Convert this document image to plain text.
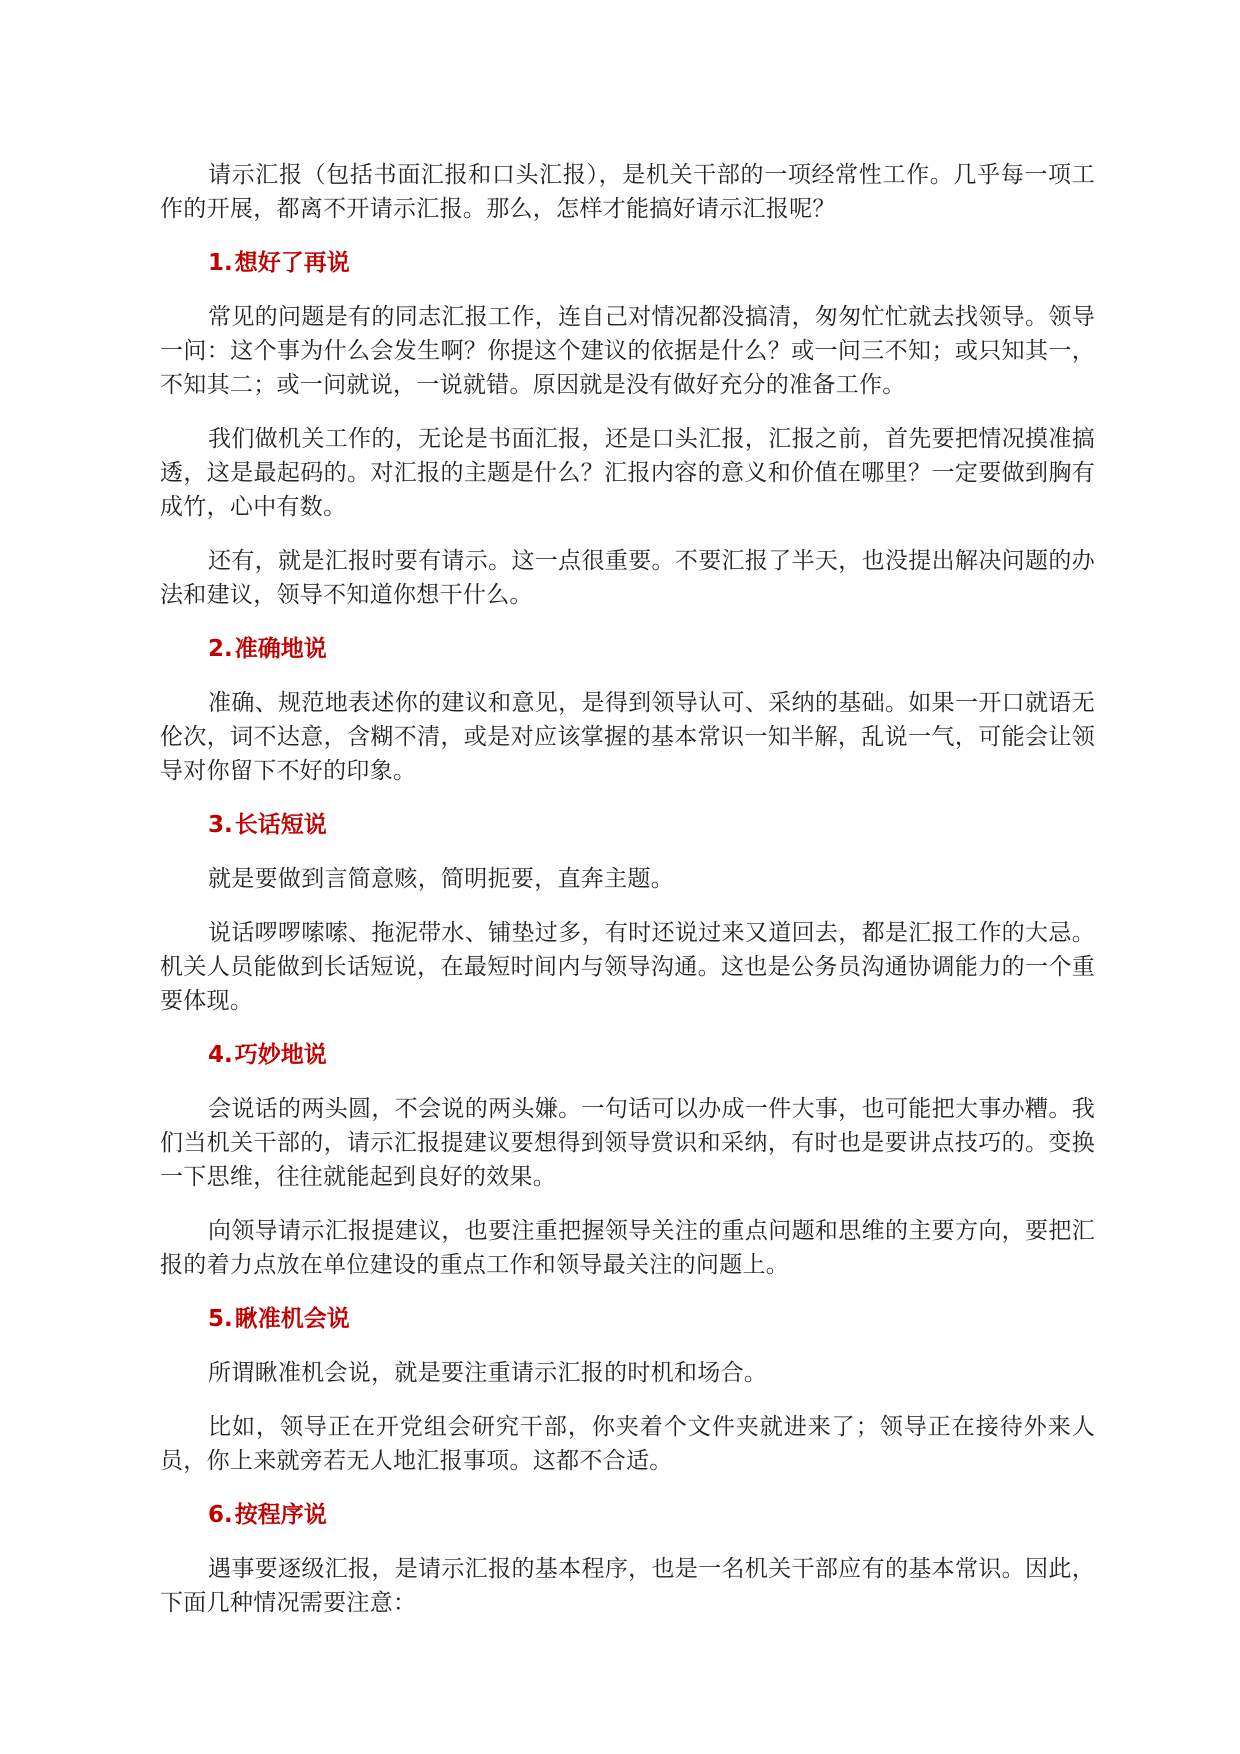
请示汇报（包括书面汇报和口头汇报），是机关干部的一项经常性工作。几乎每一项工作的开展，都离不开请示汇报。那么，怎样才能搞好请示汇报呢？

1.想好了再说

常见的问题是有的同志汇报工作，连自己对情况都没搞清，匆匆忙忙就去找领导。领导一问：这个事为什么会发生啊？你提这个建议的依据是什么？或一问三不知；或只知其一，不知其二；或一问就说，一说就错。原因就是没有做好充分的准备工作。

我们做机关工作的，无论是书面汇报，还是口头汇报，汇报之前，首先要把情况摸准搞透，这是最起码的。对汇报的主题是什么？汇报内容的意义和价值在哪里？一定要做到胸有成竹，心中有数。

还有，就是汇报时要有请示。这一点很重要。不要汇报了半天，也没提出解决问题的办法和建议，领导不知道你想干什么。

2.准确地说

准确、规范地表述你的建议和意见，是得到领导认可、采纳的基础。如果一开口就语无伦次，词不达意，含糊不清，或是对应该掌握的基本常识一知半解，乱说一气，可能会让领导对你留下不好的印象。

3.长话短说

就是要做到言简意赅，简明扼要，直奔主题。

说话啰啰嗦嗦、拖泥带水、铺垫过多，有时还说过来又道回去，都是汇报工作的大忌。机关人员能做到长话短说，在最短时间内与领导沟通。这也是公务员沟通协调能力的一个重要体现。

4.巧妙地说

会说话的两头圆，不会说的两头嫌。一句话可以办成一件大事，也可能把大事办糟。我们当机关干部的，请示汇报提建议要想得到领导赏识和采纳，有时也是要讲点技巧的。变换一下思维，往往就能起到良好的效果。

向领导请示汇报提建议，也要注重把握领导关注的重点问题和思维的主要方向，要把汇报的着力点放在单位建设的重点工作和领导最关注的问题上。

5.瞅准机会说

所谓瞅准机会说，就是要注重请示汇报的时机和场合。

比如，领导正在开党组会研究干部，你夹着个文件夹就进来了；领导正在接待外来人员，你上来就旁若无人地汇报事项。这都不合适。

6.按程序说

遇事要逐级汇报，是请示汇报的基本程序，也是一名机关干部应有的基本常识。因此，下面几种情况需要注意：
